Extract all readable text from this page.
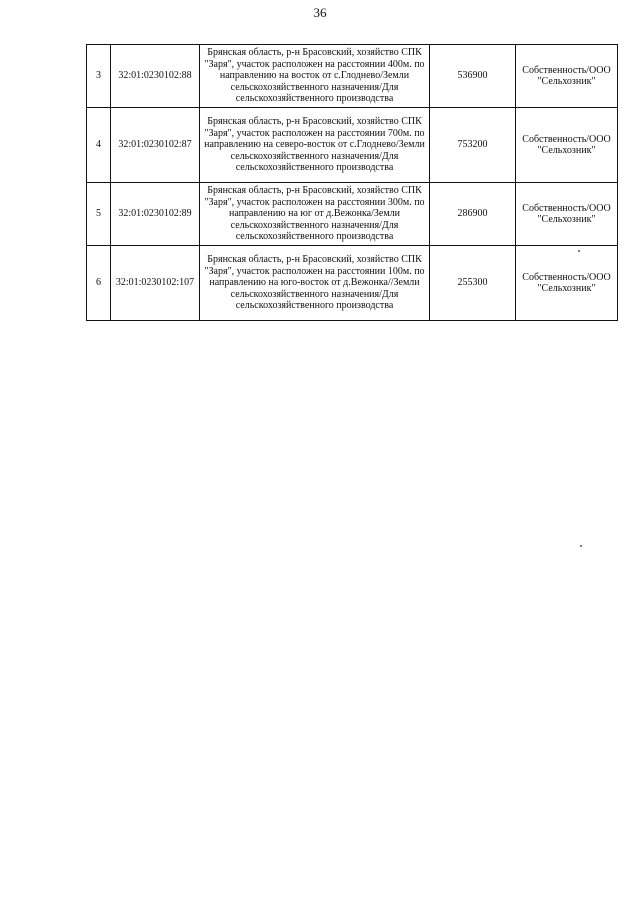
36
3	32:01:0230102:88	Брянская область, р-н Брасовский, хозяйство СПК "Заря", участок расположен на расстоянии 400м. по направлению на восток от с.Глоднево/Земли сельскохозяйственного назначения/Для сельскохозяйственного производства	536900	Собственность/ООО "Сельхозник"

4	32:01:0230102:87	Брянская область, р-н Брасовский, хозяйство СПК "Заря", участок расположен на расстоянии 700м. по направлению на северо-восток от с.Глоднево/Земли сельскохозяйственного назначения/Для сельскохозяйственного производства	753200	Собственность/ООО "Сельхозник"

5	32:01:0230102:89	Брянская область, р-н Брасовский, хозяйство СПК "Заря", участок расположен на расстоянии 300м. по направлению на юг от д.Вежонка/Земли сельскохозяйственного назначения/Для сельскохозяйственного производства	286900	Собственность/ООО "Сельхозник"

6	32:01:0230102:107	Брянская область, р-н Брасовский, хозяйство СПК "Заря", участок расположен на расстоянии 100м. по направлению на юго-восток от д.Вежонка//Земли сельскохозяйственного назначения/Для сельскохозяйственного производства	255300	Собственность/ООО "Сельхозник"
